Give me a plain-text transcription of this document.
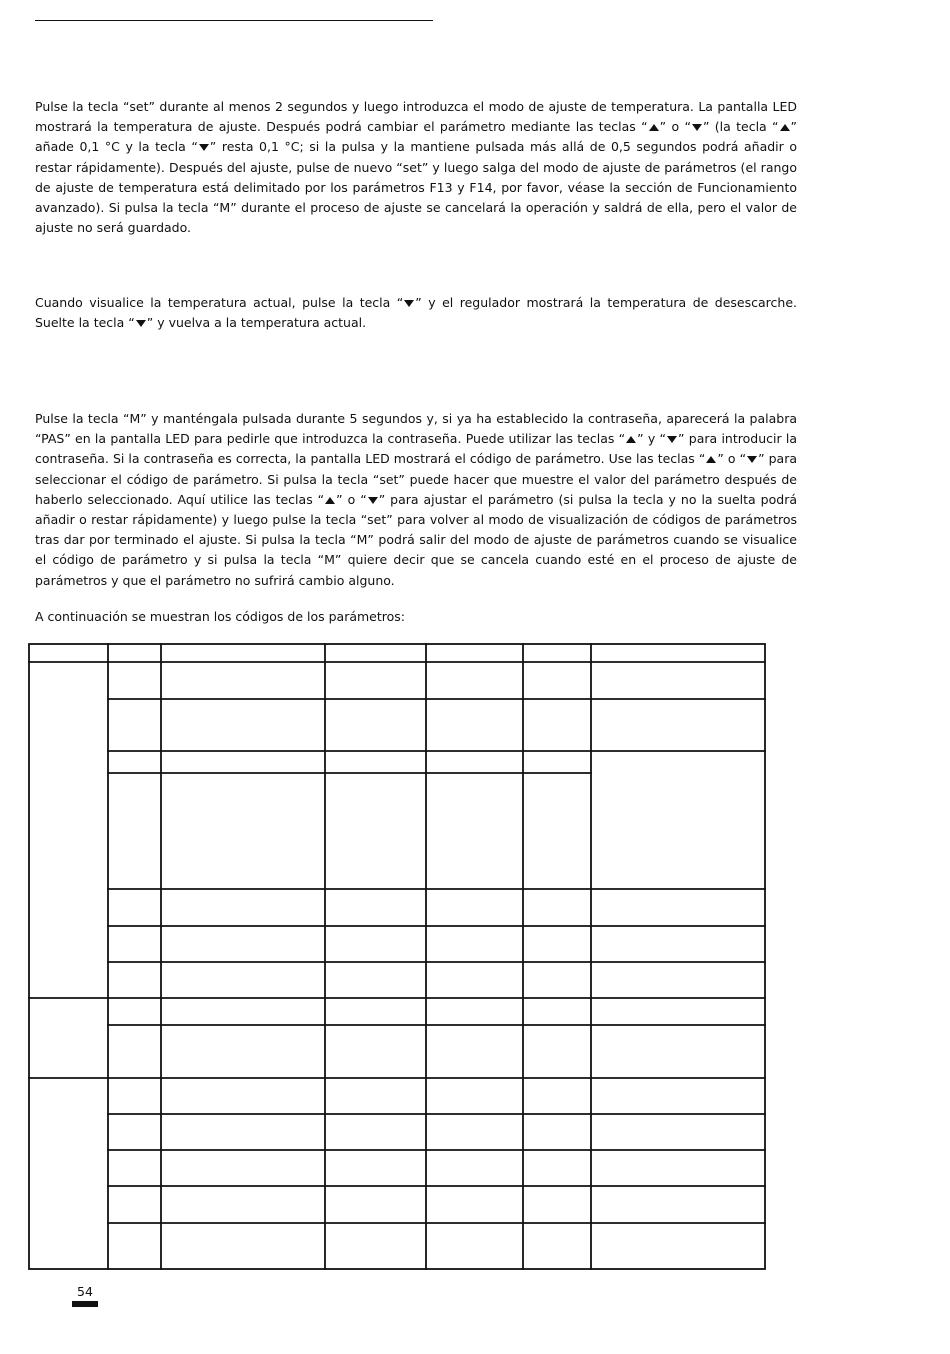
Pulse la tecla “set” durante al menos 2 segundos y luego introduzca el modo de ajuste de temperatura. La pantalla LED mostrará la temperatura de ajuste. Después podrá cambiar el parámetro mediante las teclas “ ” o “ ” (la tecla “ ” añade 0,1 °C y la tecla “ ” resta 0,1 °C; si la pulsa y la mantiene pulsada más allá de 0,5 segundos podrá añadir o restar rápidamente). Después del ajuste, pulse de nuevo “set” y luego salga del modo de ajuste de parámetros (el rango de ajuste de temperatura está delimitado por los parámetros F13 y F14, por favor, véase la sección de Funcionamiento avanzado). Si pulsa la tecla “M” durante el proceso de ajuste se cancelará la operación y saldrá de ella, pero el valor de ajuste no será guardado.

Cuando visualice la temperatura actual, pulse la tecla “ ” y el regulador mostrará la temperatura de desescarche. Suelte la tecla “ ” y vuelva a la temperatura actual.

Pulse la tecla “M” y manténgala pulsada durante 5 segundos y, si ya ha establecido la contraseña, aparecerá la palabra “PAS” en la pantalla LED para pedirle que introduzca la contraseña. Puede utilizar las teclas “ ” y “ ” para introducir la contraseña. Si la contraseña es correcta, la pantalla LED mostrará el código de parámetro. Use las teclas “ ” o “ ” para seleccionar el código de parámetro. Si pulsa la tecla “set” puede hacer que muestre el valor del parámetro después de haberlo seleccionado. Aquí utilice las teclas “ ” o “ ” para ajustar el parámetro (si pulsa la tecla y no la suelta podrá añadir o restar rápidamente) y luego pulse la tecla “set” para volver al modo de visualización de códigos de parámetros tras dar por terminado el ajuste. Si pulsa la tecla “M” podrá salir del modo de ajuste de parámetros cuando se visualice el código de parámetro y si pulsa la tecla “M” quiere decir que se cancela cuando esté en el proceso de ajuste de parámetros y que el parámetro no sufrirá cambio alguno.

A continuación se muestran los códigos de los parámetros:

54
